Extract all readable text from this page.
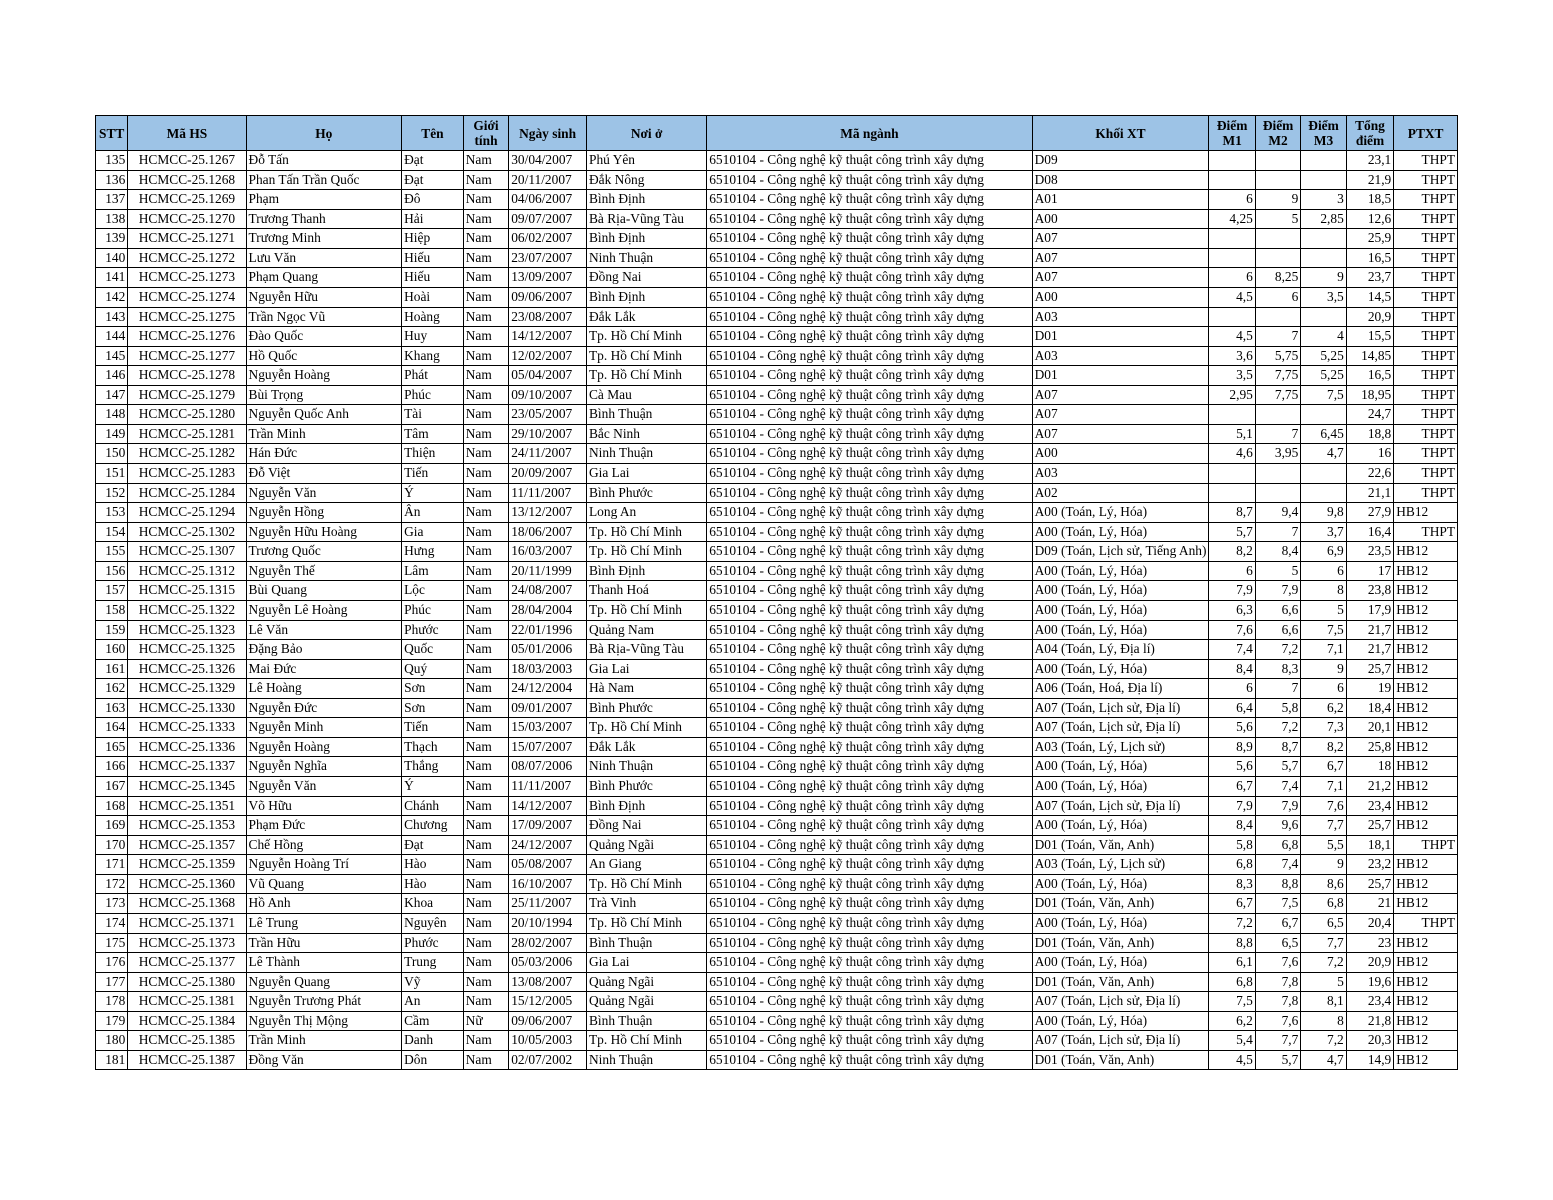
STT	Mã HS	Họ	Tên	Giới tính	Ngày sinh	Nơi ở	Mã ngành	Khối XT	Điểm M1	Điểm M2	Điểm M3	Tổng điểm	PTXT
135	HCMCC-25.1267	Đỗ Tấn	Đạt	Nam	30/04/2007	Phú Yên	6510104 - Công nghệ kỹ thuật công trình xây dựng	D09				23,1	THPT
136	HCMCC-25.1268	Phan Tấn Trần Quốc	Đạt	Nam	20/11/2007	Đắk Nông	6510104 - Công nghệ kỹ thuật công trình xây dựng	D08				21,9	THPT
137	HCMCC-25.1269	Phạm	Đô	Nam	04/06/2007	Bình Định	6510104 - Công nghệ kỹ thuật công trình xây dựng	A01	6	9	3	18,5	THPT
138	HCMCC-25.1270	Trương Thanh	Hải	Nam	09/07/2007	Bà Rịa-Vũng Tàu	6510104 - Công nghệ kỹ thuật công trình xây dựng	A00	4,25	5	2,85	12,6	THPT
139	HCMCC-25.1271	Trương Minh	Hiệp	Nam	06/02/2007	Bình Định	6510104 - Công nghệ kỹ thuật công trình xây dựng	A07				25,9	THPT
140	HCMCC-25.1272	Lưu Văn	Hiếu	Nam	23/07/2007	Ninh Thuận	6510104 - Công nghệ kỹ thuật công trình xây dựng	A07				16,5	THPT
141	HCMCC-25.1273	Phạm Quang	Hiếu	Nam	13/09/2007	Đồng Nai	6510104 - Công nghệ kỹ thuật công trình xây dựng	A07	6	8,25	9	23,7	THPT
142	HCMCC-25.1274	Nguyễn Hữu	Hoài	Nam	09/06/2007	Bình Định	6510104 - Công nghệ kỹ thuật công trình xây dựng	A00	4,5	6	3,5	14,5	THPT
143	HCMCC-25.1275	Trần Ngọc Vũ	Hoàng	Nam	23/08/2007	Đắk Lắk	6510104 - Công nghệ kỹ thuật công trình xây dựng	A03				20,9	THPT
144	HCMCC-25.1276	Đào Quốc	Huy	Nam	14/12/2007	Tp. Hồ Chí Minh	6510104 - Công nghệ kỹ thuật công trình xây dựng	D01	4,5	7	4	15,5	THPT
145	HCMCC-25.1277	Hồ Quốc	Khang	Nam	12/02/2007	Tp. Hồ Chí Minh	6510104 - Công nghệ kỹ thuật công trình xây dựng	A03	3,6	5,75	5,25	14,85	THPT
146	HCMCC-25.1278	Nguyễn Hoàng	Phát	Nam	05/04/2007	Tp. Hồ Chí Minh	6510104 - Công nghệ kỹ thuật công trình xây dựng	D01	3,5	7,75	5,25	16,5	THPT
147	HCMCC-25.1279	Bùi Trọng	Phúc	Nam	09/10/2007	Cà Mau	6510104 - Công nghệ kỹ thuật công trình xây dựng	A07	2,95	7,75	7,5	18,95	THPT
148	HCMCC-25.1280	Nguyễn Quốc Anh	Tài	Nam	23/05/2007	Bình Thuận	6510104 - Công nghệ kỹ thuật công trình xây dựng	A07				24,7	THPT
149	HCMCC-25.1281	Trần Minh	Tâm	Nam	29/10/2007	Bắc Ninh	6510104 - Công nghệ kỹ thuật công trình xây dựng	A07	5,1	7	6,45	18,8	THPT
150	HCMCC-25.1282	Hán Đức	Thiện	Nam	24/11/2007	Ninh Thuận	6510104 - Công nghệ kỹ thuật công trình xây dựng	A00	4,6	3,95	4,7	16	THPT
151	HCMCC-25.1283	Đỗ Việt	Tiến	Nam	20/09/2007	Gia Lai	6510104 - Công nghệ kỹ thuật công trình xây dựng	A03				22,6	THPT
152	HCMCC-25.1284	Nguyễn Văn	Ý	Nam	11/11/2007	Bình Phước	6510104 - Công nghệ kỹ thuật công trình xây dựng	A02				21,1	THPT
153	HCMCC-25.1294	Nguyễn Hồng	Ân	Nam	13/12/2007	Long An	6510104 - Công nghệ kỹ thuật công trình xây dựng	A00 (Toán, Lý, Hóa)	8,7	9,4	9,8	27,9	HB12
154	HCMCC-25.1302	Nguyễn Hữu Hoàng	Gia	Nam	18/06/2007	Tp. Hồ Chí Minh	6510104 - Công nghệ kỹ thuật công trình xây dựng	A00 (Toán, Lý, Hóa)	5,7	7	3,7	16,4	THPT
155	HCMCC-25.1307	Trương Quốc	Hưng	Nam	16/03/2007	Tp. Hồ Chí Minh	6510104 - Công nghệ kỹ thuật công trình xây dựng	D09 (Toán, Lịch sử, Tiếng Anh)	8,2	8,4	6,9	23,5	HB12
156	HCMCC-25.1312	Nguyễn Thế	Lâm	Nam	20/11/1999	Bình Định	6510104 - Công nghệ kỹ thuật công trình xây dựng	A00 (Toán, Lý, Hóa)	6	5	6	17	HB12
157	HCMCC-25.1315	Bùi Quang	Lộc	Nam	24/08/2007	Thanh Hoá	6510104 - Công nghệ kỹ thuật công trình xây dựng	A00 (Toán, Lý, Hóa)	7,9	7,9	8	23,8	HB12
158	HCMCC-25.1322	Nguyễn Lê Hoàng	Phúc	Nam	28/04/2004	Tp. Hồ Chí Minh	6510104 - Công nghệ kỹ thuật công trình xây dựng	A00 (Toán, Lý, Hóa)	6,3	6,6	5	17,9	HB12
159	HCMCC-25.1323	Lê Văn	Phước	Nam	22/01/1996	Quảng Nam	6510104 - Công nghệ kỹ thuật công trình xây dựng	A00 (Toán, Lý, Hóa)	7,6	6,6	7,5	21,7	HB12
160	HCMCC-25.1325	Đặng Bảo	Quốc	Nam	05/01/2006	Bà Rịa-Vũng Tàu	6510104 - Công nghệ kỹ thuật công trình xây dựng	A04 (Toán, Lý, Địa lí)	7,4	7,2	7,1	21,7	HB12
161	HCMCC-25.1326	Mai Đức	Quý	Nam	18/03/2003	Gia Lai	6510104 - Công nghệ kỹ thuật công trình xây dựng	A00 (Toán, Lý, Hóa)	8,4	8,3	9	25,7	HB12
162	HCMCC-25.1329	Lê Hoàng	Sơn	Nam	24/12/2004	Hà Nam	6510104 - Công nghệ kỹ thuật công trình xây dựng	A06 (Toán, Hoá, Địa lí)	6	7	6	19	HB12
163	HCMCC-25.1330	Nguyễn Đức	Sơn	Nam	09/01/2007	Bình Phước	6510104 - Công nghệ kỹ thuật công trình xây dựng	A07 (Toán, Lịch sử, Địa lí)	6,4	5,8	6,2	18,4	HB12
164	HCMCC-25.1333	Nguyễn Minh	Tiến	Nam	15/03/2007	Tp. Hồ Chí Minh	6510104 - Công nghệ kỹ thuật công trình xây dựng	A07 (Toán, Lịch sử, Địa lí)	5,6	7,2	7,3	20,1	HB12
165	HCMCC-25.1336	Nguyễn Hoàng	Thạch	Nam	15/07/2007	Đắk Lắk	6510104 - Công nghệ kỹ thuật công trình xây dựng	A03 (Toán, Lý, Lịch sử)	8,9	8,7	8,2	25,8	HB12
166	HCMCC-25.1337	Nguyễn Nghĩa	Thắng	Nam	08/07/2006	Ninh Thuận	6510104 - Công nghệ kỹ thuật công trình xây dựng	A00 (Toán, Lý, Hóa)	5,6	5,7	6,7	18	HB12
167	HCMCC-25.1345	Nguyễn Văn	Ý	Nam	11/11/2007	Bình Phước	6510104 - Công nghệ kỹ thuật công trình xây dựng	A00 (Toán, Lý, Hóa)	6,7	7,4	7,1	21,2	HB12
168	HCMCC-25.1351	Võ Hữu	Chánh	Nam	14/12/2007	Bình Định	6510104 - Công nghệ kỹ thuật công trình xây dựng	A07 (Toán, Lịch sử, Địa lí)	7,9	7,9	7,6	23,4	HB12
169	HCMCC-25.1353	Phạm Đức	Chương	Nam	17/09/2007	Đồng Nai	6510104 - Công nghệ kỹ thuật công trình xây dựng	A00 (Toán, Lý, Hóa)	8,4	9,6	7,7	25,7	HB12
170	HCMCC-25.1357	Chế Hồng	Đạt	Nam	24/12/2007	Quảng Ngãi	6510104 - Công nghệ kỹ thuật công trình xây dựng	D01 (Toán, Văn, Anh)	5,8	6,8	5,5	18,1	THPT
171	HCMCC-25.1359	Nguyễn Hoàng Trí	Hào	Nam	05/08/2007	An Giang	6510104 - Công nghệ kỹ thuật công trình xây dựng	A03 (Toán, Lý, Lịch sử)	6,8	7,4	9	23,2	HB12
172	HCMCC-25.1360	Vũ Quang	Hào	Nam	16/10/2007	Tp. Hồ Chí Minh	6510104 - Công nghệ kỹ thuật công trình xây dựng	A00 (Toán, Lý, Hóa)	8,3	8,8	8,6	25,7	HB12
173	HCMCC-25.1368	Hồ Anh	Khoa	Nam	25/11/2007	Trà Vinh	6510104 - Công nghệ kỹ thuật công trình xây dựng	D01 (Toán, Văn, Anh)	6,7	7,5	6,8	21	HB12
174	HCMCC-25.1371	Lê Trung	Nguyên	Nam	20/10/1994	Tp. Hồ Chí Minh	6510104 - Công nghệ kỹ thuật công trình xây dựng	A00 (Toán, Lý, Hóa)	7,2	6,7	6,5	20,4	THPT
175	HCMCC-25.1373	Trần Hữu	Phước	Nam	28/02/2007	Bình Thuận	6510104 - Công nghệ kỹ thuật công trình xây dựng	D01 (Toán, Văn, Anh)	8,8	6,5	7,7	23	HB12
176	HCMCC-25.1377	Lê Thành	Trung	Nam	05/03/2006	Gia Lai	6510104 - Công nghệ kỹ thuật công trình xây dựng	A00 (Toán, Lý, Hóa)	6,1	7,6	7,2	20,9	HB12
177	HCMCC-25.1380	Nguyễn Quang	Vỹ	Nam	13/08/2007	Quảng Ngãi	6510104 - Công nghệ kỹ thuật công trình xây dựng	D01 (Toán, Văn, Anh)	6,8	7,8	5	19,6	HB12
178	HCMCC-25.1381	Nguyễn Trương Phát	An	Nam	15/12/2005	Quảng Ngãi	6510104 - Công nghệ kỹ thuật công trình xây dựng	A07 (Toán, Lịch sử, Địa lí)	7,5	7,8	8,1	23,4	HB12
179	HCMCC-25.1384	Nguyễn Thị Mộng	Cầm	Nữ	09/06/2007	Bình Thuận	6510104 - Công nghệ kỹ thuật công trình xây dựng	A00 (Toán, Lý, Hóa)	6,2	7,6	8	21,8	HB12
180	HCMCC-25.1385	Trần Minh	Danh	Nam	10/05/2003	Tp. Hồ Chí Minh	6510104 - Công nghệ kỹ thuật công trình xây dựng	A07 (Toán, Lịch sử, Địa lí)	5,4	7,7	7,2	20,3	HB12
181	HCMCC-25.1387	Đồng Văn	Dôn	Nam	02/07/2002	Ninh Thuận	6510104 - Công nghệ kỹ thuật công trình xây dựng	D01 (Toán, Văn, Anh)	4,5	5,7	4,7	14,9	HB12
